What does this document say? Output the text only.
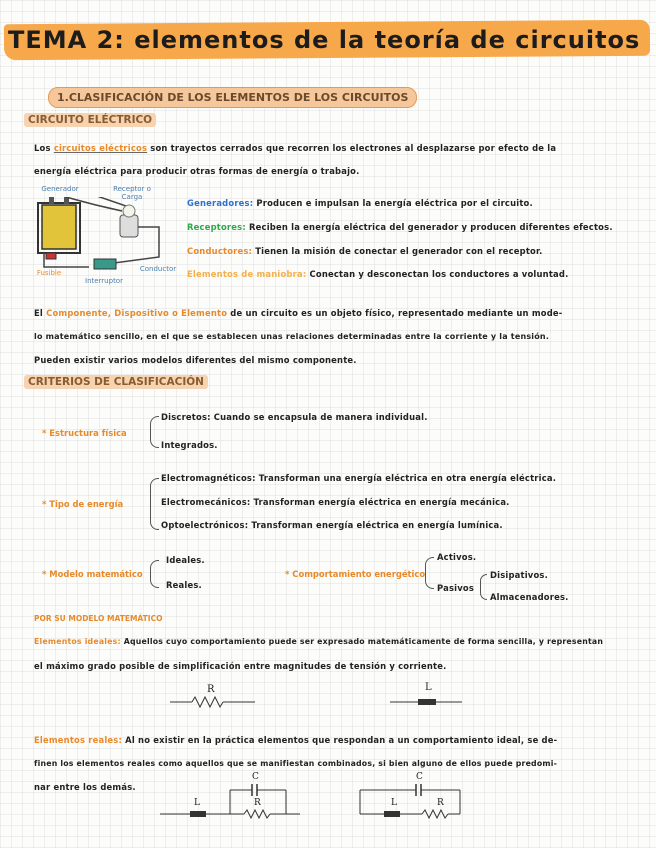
TEMA 2: elementos de la teoría de circuitos
1.CLASIFICACIÓN DE LOS ELEMENTOS DE LOS CIRCUITOS
CIRCUITO ELÉCTRICO
Los circuitos eléctricos son trayectos cerrados que recorren los electrones al desplazarse por efecto de la
energía eléctrica para producir otras formas de energía o trabajo.
Generador	Receptor o Carga
Fusible
Interruptor
Conductor
Generadores: Producen e impulsan la energía eléctrica por el circuito.
Receptores: Reciben la energía eléctrica del generador y producen diferentes efectos.
Conductores: Tienen la misión de conectar el generador con el receptor.
Elementos de maniobra: Conectan y desconectan los conductores a voluntad.
El Componente, Dispositivo o Elemento de un circuito es un objeto físico, representado mediante un mode-
lo matemático sencillo, en el que se establecen unas relaciones determinadas entre la corriente y la tensión.
Pueden existir varios modelos diferentes del mismo componente.
CRITERIOS DE CLASIFICACIÓN
* Estructura física
Discretos: Cuando se encapsula de manera individual.
Integrados.
* Tipo de energía
Electromagnéticos: Transforman una energía eléctrica en otra energía eléctrica.
Electromecánicos: Transforman energía eléctrica en energía mecánica.
Optoelectrónicos: Transforman energía eléctrica en energía lumínica.
* Modelo matemático
Ideales.
Reales.
* Comportamiento energético
Activos.
Pasivos
Disipativos.
Almacenadores.
POR SU MODELO MATEMÁTICO
Elementos ideales: Aquellos cuyo comportamiento puede ser expresado matemáticamente de forma sencilla, y representan
el máximo grado posible de simplificación entre magnitudes de tensión y corriente.
R	L
Elementos reales: Al no existir en la práctica elementos que respondan a un comportamiento ideal, se de-
finen los elementos reales como aquellos que se manifiestan combinados, si bien alguno de ellos puede predomi-
nar entre los demás.
C
L	R
C
L	R
